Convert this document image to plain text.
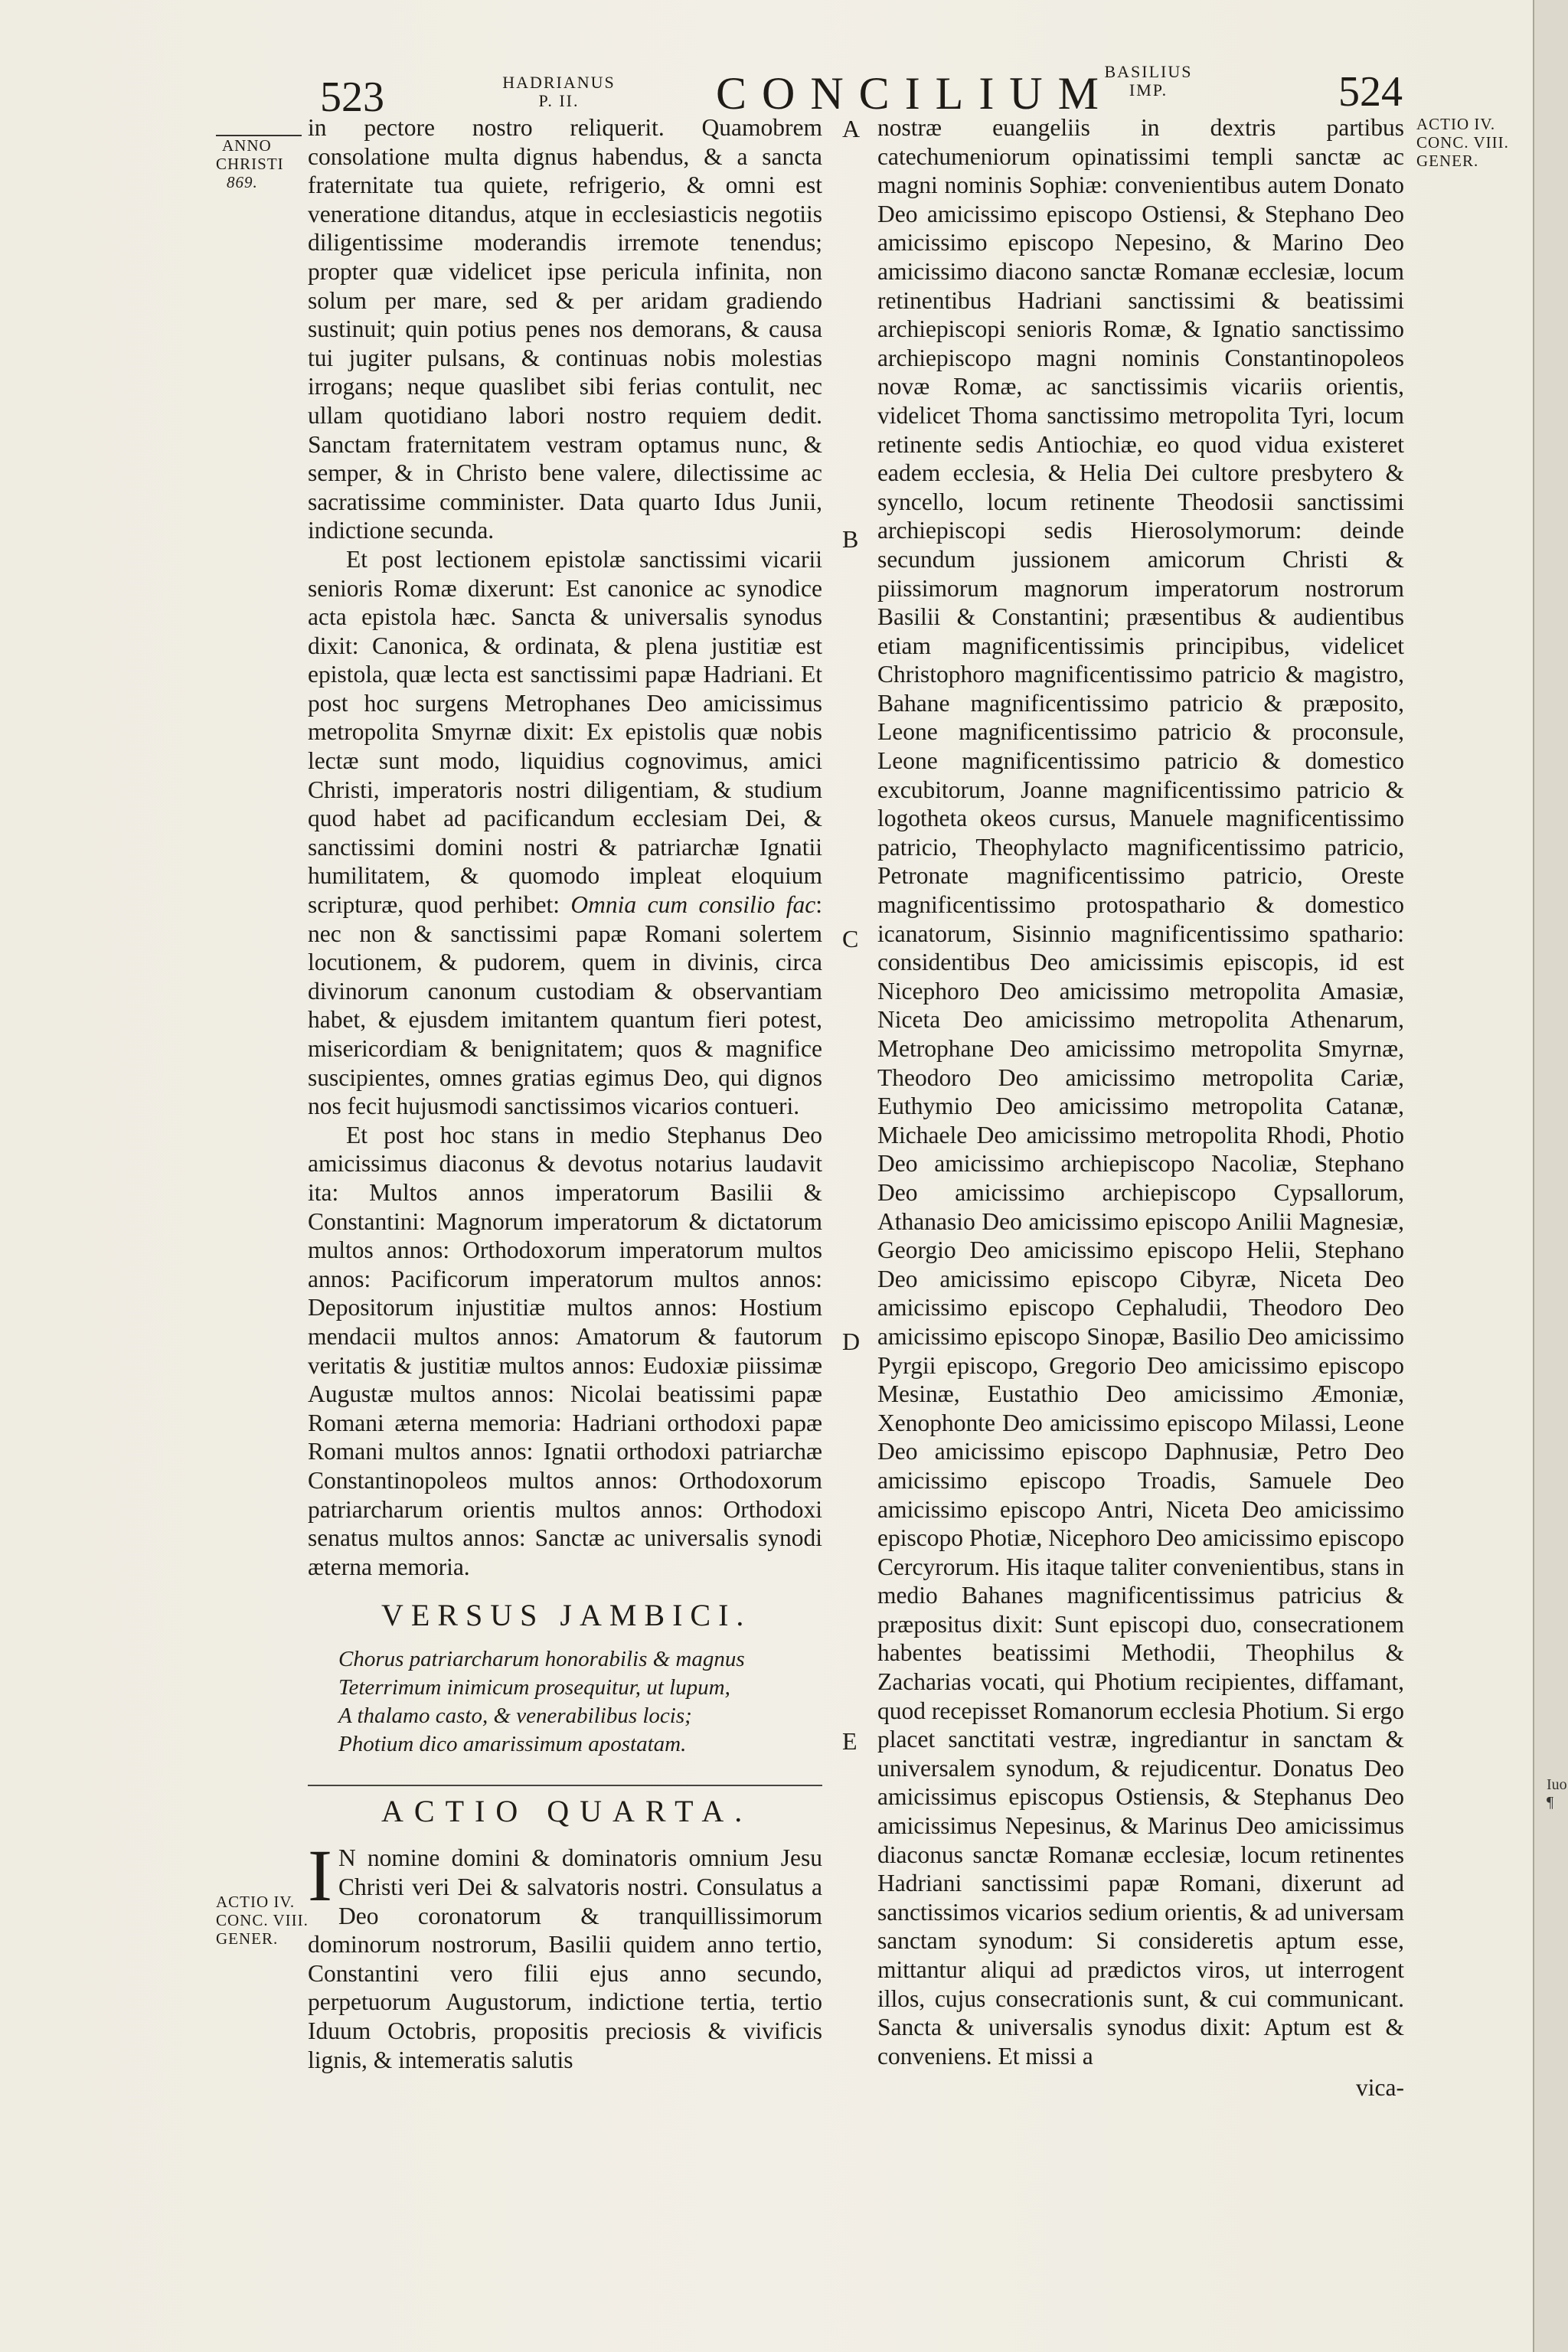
523	HADRIANUS
P. II.	CONCILIUM
BASILIUS
IMP.	524
ANNO
CHRISTI
869.
ACTIO IV.
CONC. VIII.
GENER.
ACTIO IV.
CONC. VIII.
GENER.
A
B
C
D
E

in pectore nostro reliquerit. Quamobrem consolatione multa dignus habendus, & a sancta fraternitate tua quiete, refrigerio, & omni est veneratione ditandus, atque in ecclesiasticis negotiis diligentissime moderandis irremote tenendus; propter quæ videlicet ipse pericula infinita, non solum per mare, sed & per aridam gradiendo sustinuit; quin potius penes nos demorans, & causa tui jugiter pulsans, & continuas nobis molestias irrogans; neque quaslibet sibi ferias contulit, nec ullam quotidiano labori nostro requiem dedit. Sanctam fraternitatem vestram optamus nunc, & semper, & in Christo bene valere, dilectissime ac sacratissime comminister. Data quarto Idus Junii, indictione secunda.

Et post lectionem epistolæ sanctissimi vicarii senioris Romæ dixerunt: Est canonice ac synodice acta epistola hæc. Sancta & universalis synodus dixit: Canonica, & ordinata, & plena justitiæ est epistola, quæ lecta est sanctissimi papæ Hadriani. Et post hoc surgens Metrophanes Deo amicissimus metropolita Smyrnæ dixit: Ex epistolis quæ nobis lectæ sunt modo, liquidius cognovimus, amici Christi, imperatoris nostri diligentiam, & studium quod habet ad pacificandum ecclesiam Dei, & sanctissimi domini nostri & patriarchæ Ignatii humilitatem, & quomodo impleat eloquium scripturæ, quod perhibet: Omnia cum consilio fac: nec non & sanctissimi papæ Romani solertem locutionem, & pudorem, quem in divinis, circa divinorum canonum custodiam & observantiam habet, & ejusdem imitantem quantum fieri potest, misericordiam & benignitatem; quos & magnifice suscipientes, omnes gratias egimus Deo, qui dignos nos fecit hujusmodi sanctissimos vicarios contueri.

Et post hoc stans in medio Stephanus Deo amicissimus diaconus & devotus notarius laudavit ita: Multos annos imperatorum Basilii & Constantini: Magnorum imperatorum & dictatorum multos annos: Orthodoxorum imperatorum multos annos: Pacificorum imperatorum multos annos: Depositorum injustitiæ multos annos: Hostium mendacii multos annos: Amatorum & fautorum veritatis & justitiæ multos annos: Eudoxiæ piissimæ Augustæ multos annos: Nicolai beatissimi papæ Romani æterna memoria: Hadriani orthodoxi papæ Romani multos annos: Ignatii orthodoxi patriarchæ Constantinopoleos multos annos: Orthodoxorum patriarcharum orientis multos annos: Orthodoxi senatus multos annos: Sanctæ ac universalis synodi æterna memoria.

VERSUS JAMBICI.
Chorus patriarcharum honorabilis & magnus
Teterrimum inimicum prosequitur, ut lupum,
A thalamo casto, & venerabilibus locis;
Photium dico amarissimum apostatam.
ACTIO QUARTA.

I N nomine domini & dominatoris omnium Jesu Christi veri Dei & salvatoris nostri. Consulatus a Deo coronatorum & tranquillissimorum dominorum nostrorum, Basilii quidem anno tertio, Constantini vero filii ejus anno secundo, perpetuorum Augustorum, indictione tertia, tertio Iduum Octobris, propositis preciosis & vivificis lignis, & intemeratis salutis

nostræ euangeliis in dextris partibus catechumeniorum opinatissimi templi sanctæ ac magni nominis Sophiæ: convenientibus autem Donato Deo amicissimo episcopo Ostiensi, & Stephano Deo amicissimo episcopo Nepesino, & Marino Deo amicissimo diacono sanctæ Romanæ ecclesiæ, locum retinentibus Hadriani sanctissimi & beatissimi archiepiscopi senioris Romæ, & Ignatio sanctissimo archiepiscopo magni nominis Constantinopoleos novæ Romæ, ac sanctissimis vicariis orientis, videlicet Thoma sanctissimo metropolita Tyri, locum retinente sedis Antiochiæ, eo quod vidua existeret eadem ecclesia, & Helia Dei cultore presbytero & syncello, locum retinente Theodosii sanctissimi archiepiscopi sedis Hierosolymorum: deinde secundum jussionem amicorum Christi & piissimorum magnorum imperatorum nostrorum Basilii & Constantini; præsentibus & audientibus etiam magnificentissimis principibus, videlicet Christophoro magnificentissimo patricio & magistro, Bahane magnificentissimo patricio & præposito, Leone magnificentissimo patricio & proconsule, Leone magnificentissimo patricio & domestico excubitorum, Joanne magnificentissimo patricio & logotheta okeos cursus, Manuele magnificentissimo patricio, Theophylacto magnificentissimo patricio, Petronate magnificentissimo patricio, Oreste magnificentissimo protospathario & domestico icanatorum, Sisinnio magnificentissimo spathario: considentibus Deo amicissimis episcopis, id est Nicephoro Deo amicissimo metropolita Amasiæ, Niceta Deo amicissimo metropolita Athenarum, Metrophane Deo amicissimo metropolita Smyrnæ, Theodoro Deo amicissimo metropolita Cariæ, Euthymio Deo amicissimo metropolita Catanæ, Michaele Deo amicissimo metropolita Rhodi, Photio Deo amicissimo archiepiscopo Nacoliæ, Stephano Deo amicissimo archiepiscopo Cypsallorum, Athanasio Deo amicissimo episcopo Anilii Magnesiæ, Georgio Deo amicissimo episcopo Helii, Stephano Deo amicissimo episcopo Cibyræ, Niceta Deo amicissimo episcopo Cephaludii, Theodoro Deo amicissimo episcopo Sinopæ, Basilio Deo amicissimo Pyrgii episcopo, Gregorio Deo amicissimo episcopo Mesinæ, Eustathio Deo amicissimo Æmoniæ, Xenophonte Deo amicissimo episcopo Milassi, Leone Deo amicissimo episcopo Daphnusiæ, Petro Deo amicissimo episcopo Troadis, Samuele Deo amicissimo episcopo Antri, Niceta Deo amicissimo episcopo Photiæ, Nicephoro Deo amicissimo episcopo Cercyrorum. His itaque taliter convenientibus, stans in medio Bahanes magnificentissimus patricius & præpositus dixit: Sunt episcopi duo, consecrationem habentes beatissimi Methodii, Theophilus & Zacharias vocati, qui Photium recipientes, diffamant, quod recepisset Romanorum ecclesia Photium. Si ergo placet sanctitati vestræ, ingrediantur in sanctam & universalem synodum, & rejudicentur. Donatus Deo amicissimus episcopus Ostiensis, & Stephanus Deo amicissimus Nepesinus, & Marinus Deo amicissimus diaconus sanctæ Romanæ ecclesiæ, locum retinentes Hadriani sanctissimi papæ Romani, dixerunt ad sanctissimos vicarios sedium orientis, & ad universam sanctam synodum: Si consideretis aptum esse, mittantur aliqui ad prædictos viros, ut interrogent illos, cujus consecrationis sunt, & cui communicant. Sancta & universalis synodus dixit: Aptum est & conveniens. Et missi a

vica-

Iuo ¶
